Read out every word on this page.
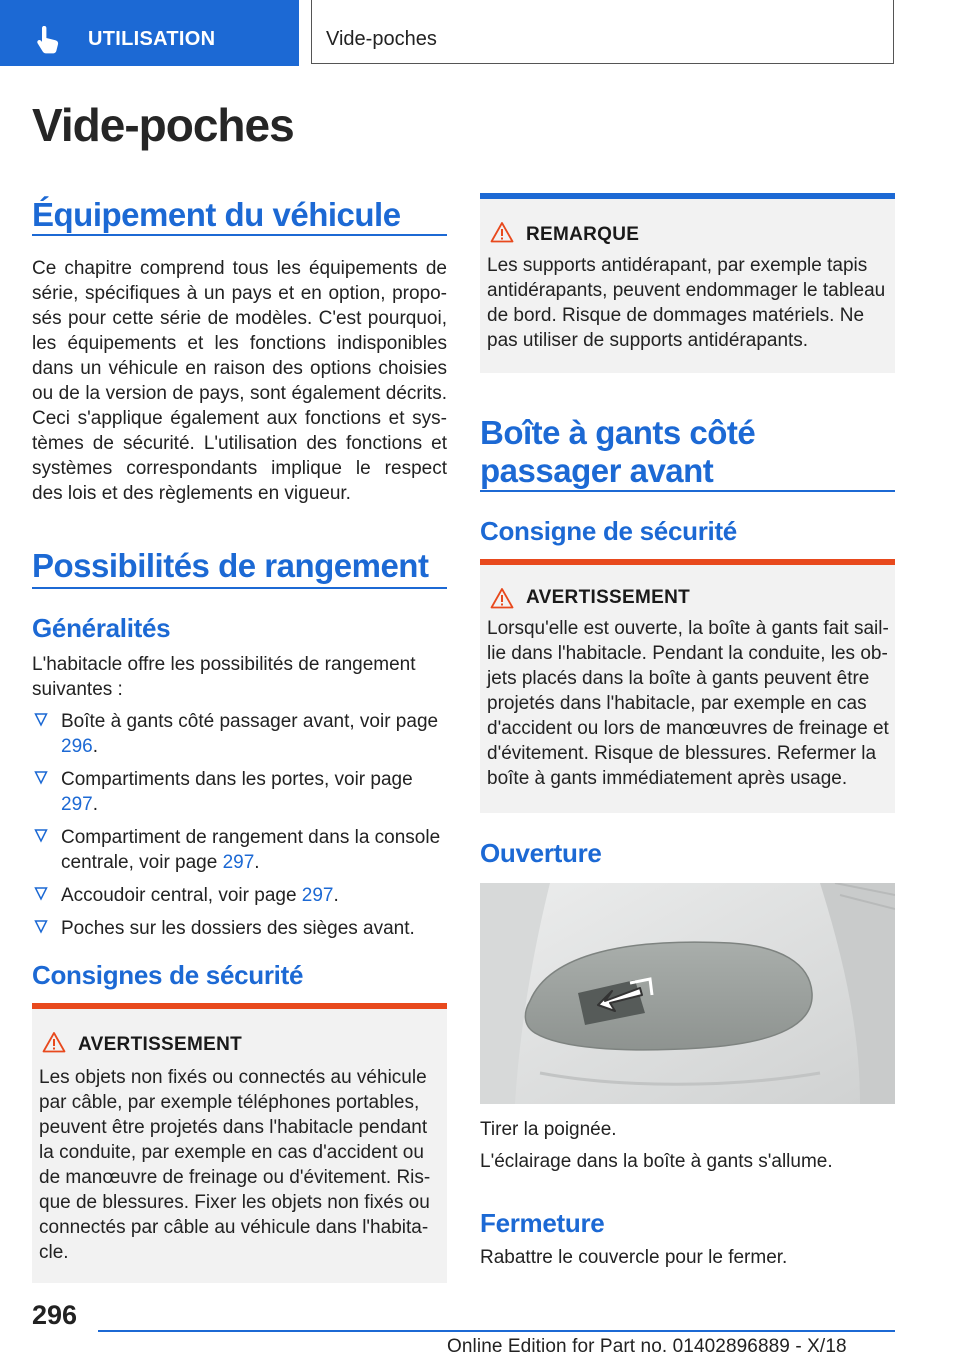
UTILISATION	Vide-poches
Vide-poches
Équipement du véhicule

Ce chapitre comprend tous les équipements de série, spécifiques à un pays et en option, proposés pour cette série de modèles. C'est pourquoi, les équipements et les fonctions indisponibles dans un véhicule en raison des options choisies ou de la version de pays, sont également décrits. Ceci s'applique également aux fonctions et systèmes de sécurité. L'utilisation des fonctions et systèmes correspondants implique le respect des lois et des règlements en vigueur.

Possibilités de rangement
Généralités

L'habitacle offre les possibilités de rangement suivantes :

Boîte à gants côté passager avant, voir page 296.
Compartiments dans les portes, voir page 297.
Compartiment de rangement dans la console centrale, voir page 297.
Accoudoir central, voir page 297.
Poches sur les dossiers des sièges avant.
Consignes de sécurité
AVERTISSEMENT

Les objets non fixés ou connectés au véhicule par câble, par exemple téléphones portables, peuvent être projetés dans l'habitacle pendant la conduite, par exemple en cas d'accident ou de manœuvre de freinage ou d'évitement. Risque de blessures. Fixer les objets non fixés ou connectés par câble au véhicule dans l'habitacle.

REMARQUE

Les supports antidérapant, par exemple tapis antidérapants, peuvent endommager le tableau de bord. Risque de dommages matériels. Ne pas utiliser de supports antidérapants.

Boîte à gants côté passager avant
Consigne de sécurité
AVERTISSEMENT

Lorsqu'elle est ouverte, la boîte à gants fait saillie dans l'habitacle. Pendant la conduite, les objets placés dans la boîte à gants peuvent être projetés dans l'habitacle, par exemple en cas d'accident ou lors de manœuvres de freinage et d'évitement. Risque de blessures. Refermer la boîte à gants immédiatement après usage.

Ouverture

Tirer la poignée.

L'éclairage dans la boîte à gants s'allume.

Fermeture

Rabattre le couvercle pour le fermer.

296
Online Edition for Part no. 01402896889 - X/18
